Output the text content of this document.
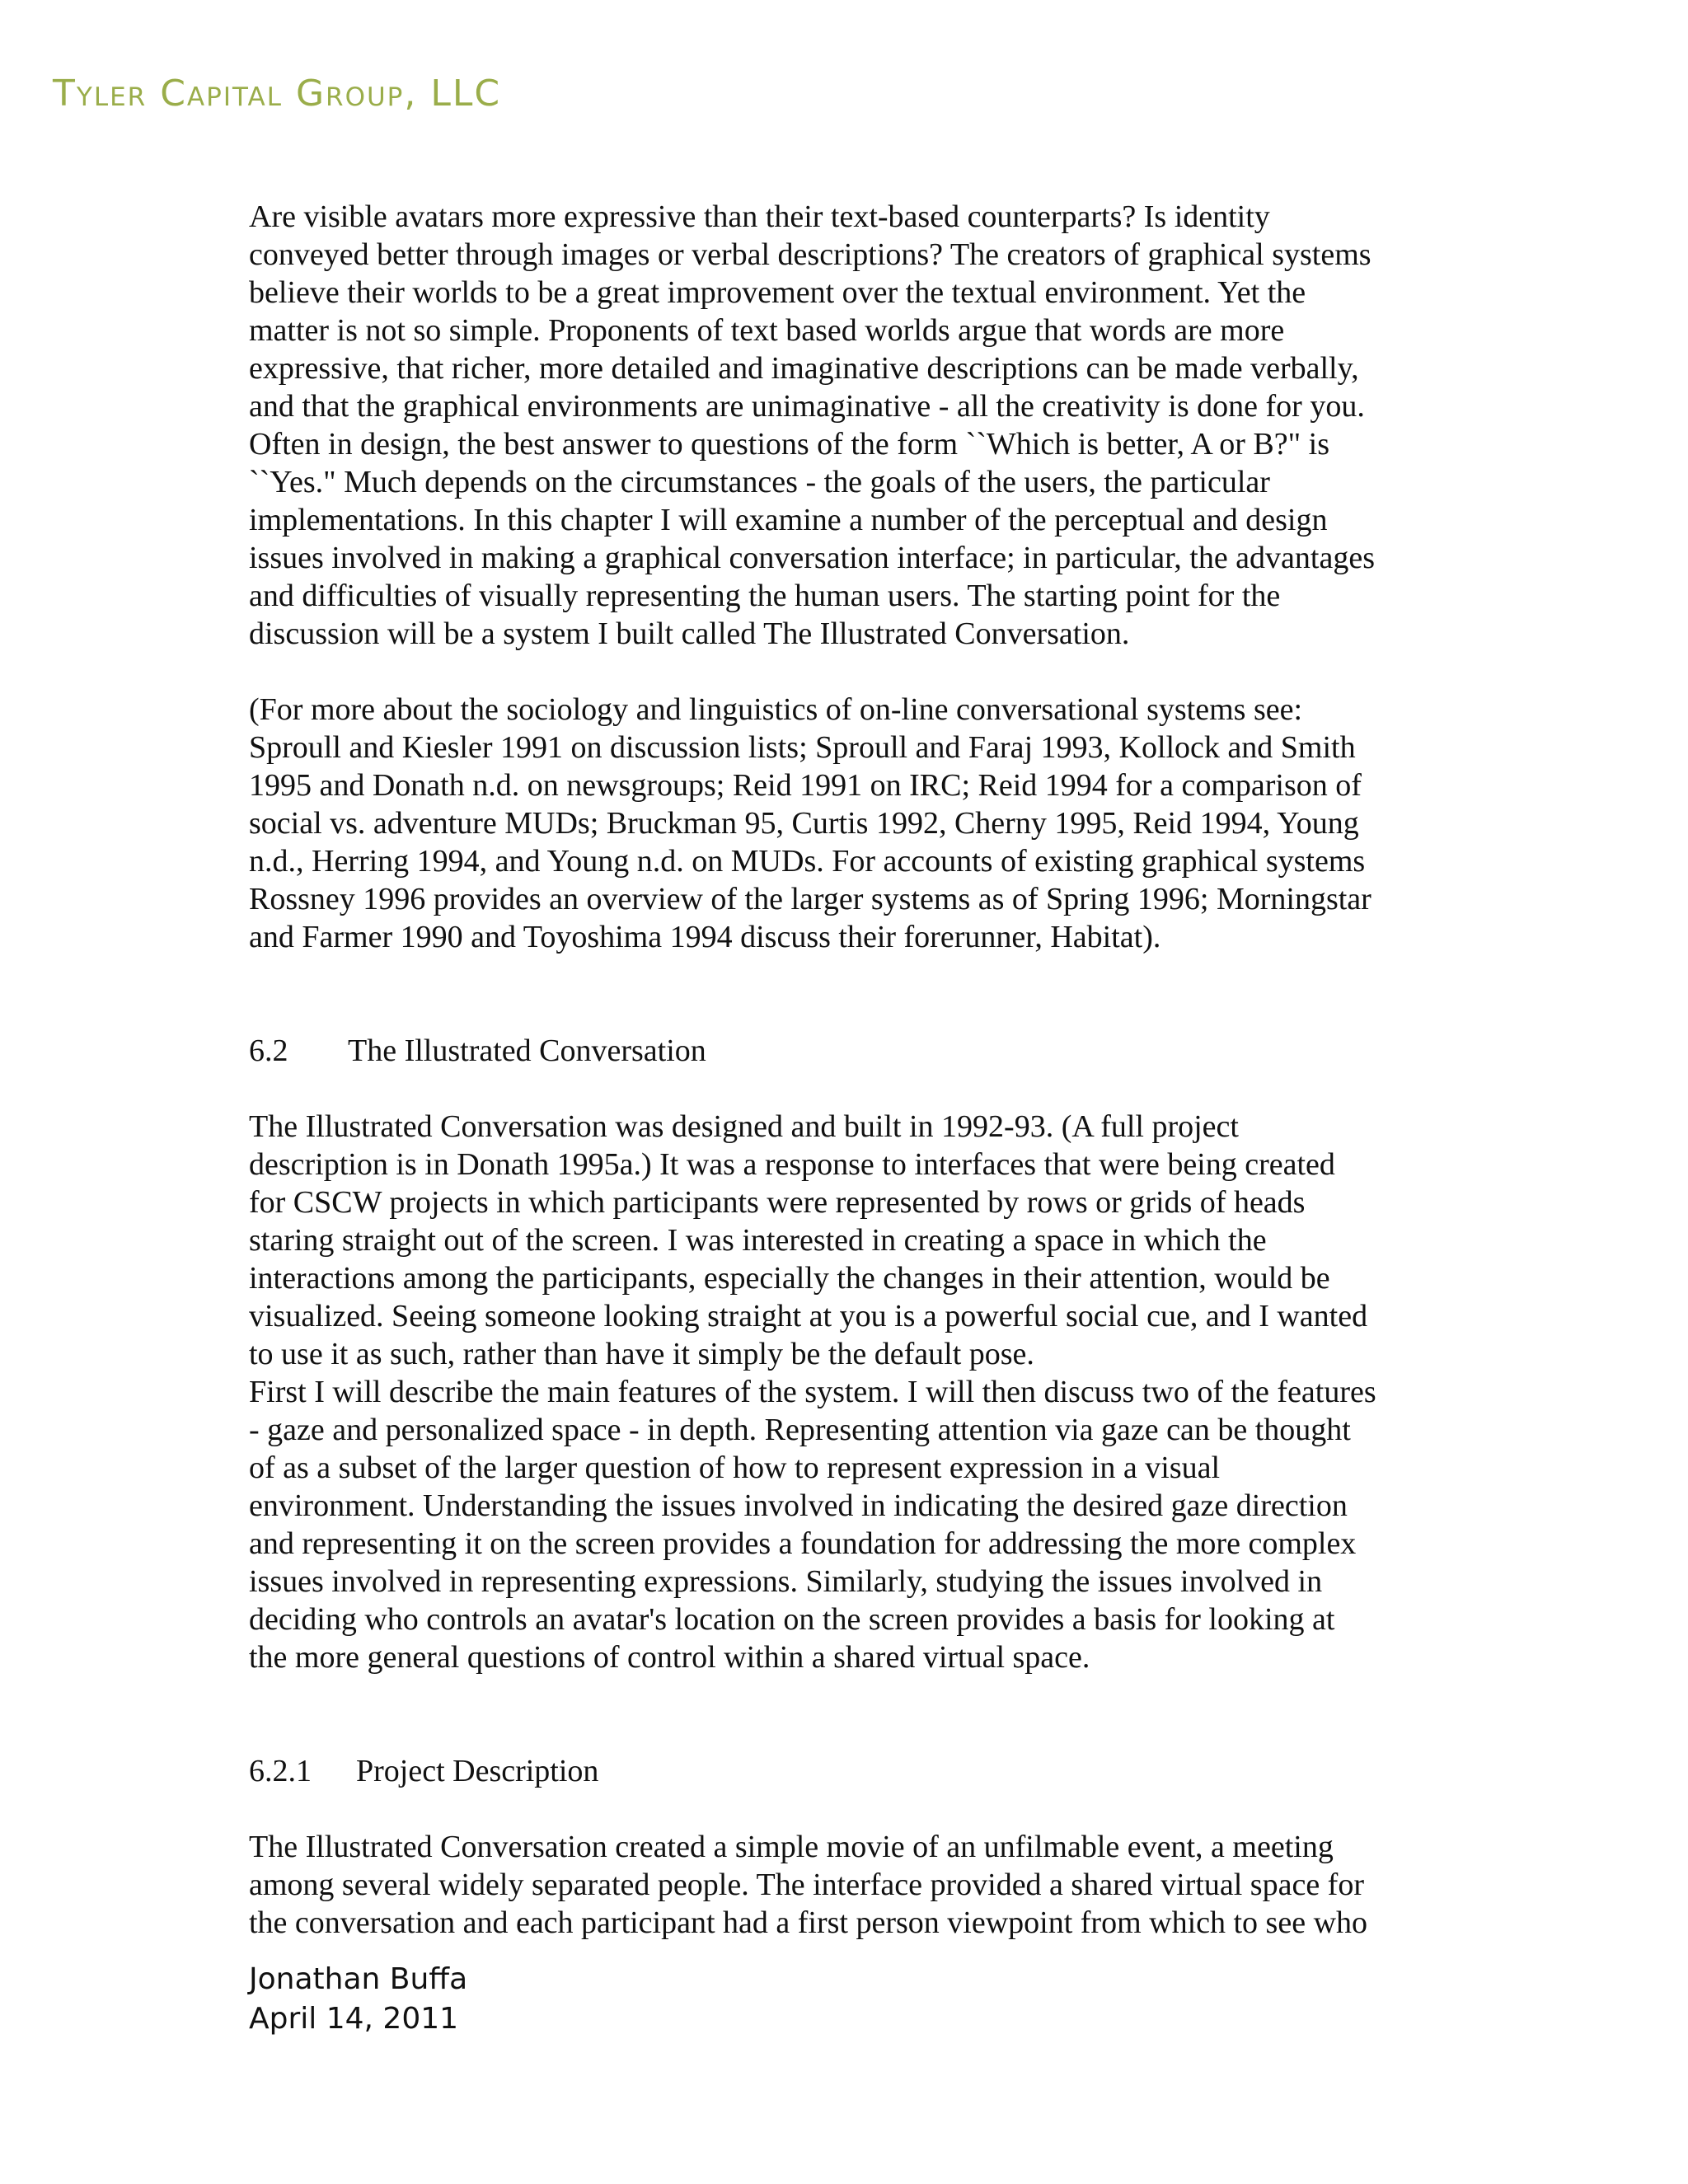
Tyler Capital Group, LLC

Are visible avatars more expressive than their text-based counterparts? Is identity
conveyed better through images or verbal descriptions? The creators of graphical systems
believe their worlds to be a great improvement over the textual environment. Yet the
matter is not so simple. Proponents of text based worlds argue that words are more
expressive, that richer, more detailed and imaginative descriptions can be made verbally,
and that the graphical environments are unimaginative - all the creativity is done for you.
Often in design, the best answer to questions of the form ``Which is better, A or B?" is
``Yes." Much depends on the circumstances - the goals of the users, the particular
implementations. In this chapter I will examine a number of the perceptual and design
issues involved in making a graphical conversation interface; in particular, the advantages
and difficulties of visually representing the human users. The starting point for the
discussion will be a system I built called The Illustrated Conversation.

(For more about the sociology and linguistics of on-line conversational systems see:
Sproull and Kiesler 1991 on discussion lists; Sproull and Faraj 1993, Kollock and Smith
1995 and Donath n.d. on newsgroups; Reid 1991 on IRC; Reid 1994 for a comparison of
social vs. adventure MUDs; Bruckman 95, Curtis 1992, Cherny 1995, Reid 1994, Young
n.d., Herring 1994, and Young n.d. on MUDs. For accounts of existing graphical systems
Rossney 1996 provides an overview of the larger systems as of Spring 1996; Morningstar
and Farmer 1990 and Toyoshima 1994 discuss their forerunner, Habitat).

6.2 The Illustrated Conversation

The Illustrated Conversation was designed and built in 1992-93. (A full project
description is in Donath 1995a.) It was a response to interfaces that were being created
for CSCW projects in which participants were represented by rows or grids of heads
staring straight out of the screen. I was interested in creating a space in which the
interactions among the participants, especially the changes in their attention, would be
visualized. Seeing someone looking straight at you is a powerful social cue, and I wanted
to use it as such, rather than have it simply be the default pose.
First I will describe the main features of the system. I will then discuss two of the features
- gaze and personalized space - in depth. Representing attention via gaze can be thought
of as a subset of the larger question of how to represent expression in a visual
environment. Understanding the issues involved in indicating the desired gaze direction
and representing it on the screen provides a foundation for addressing the more complex
issues involved in representing expressions. Similarly, studying the issues involved in
deciding who controls an avatar's location on the screen provides a basis for looking at
the more general questions of control within a shared virtual space.

6.2.1 Project Description

The Illustrated Conversation created a simple movie of an unfilmable event, a meeting
among several widely separated people. The interface provided a shared virtual space for
the conversation and each participant had a first person viewpoint from which to see who

Jonathan Buffa
April 14, 2011
